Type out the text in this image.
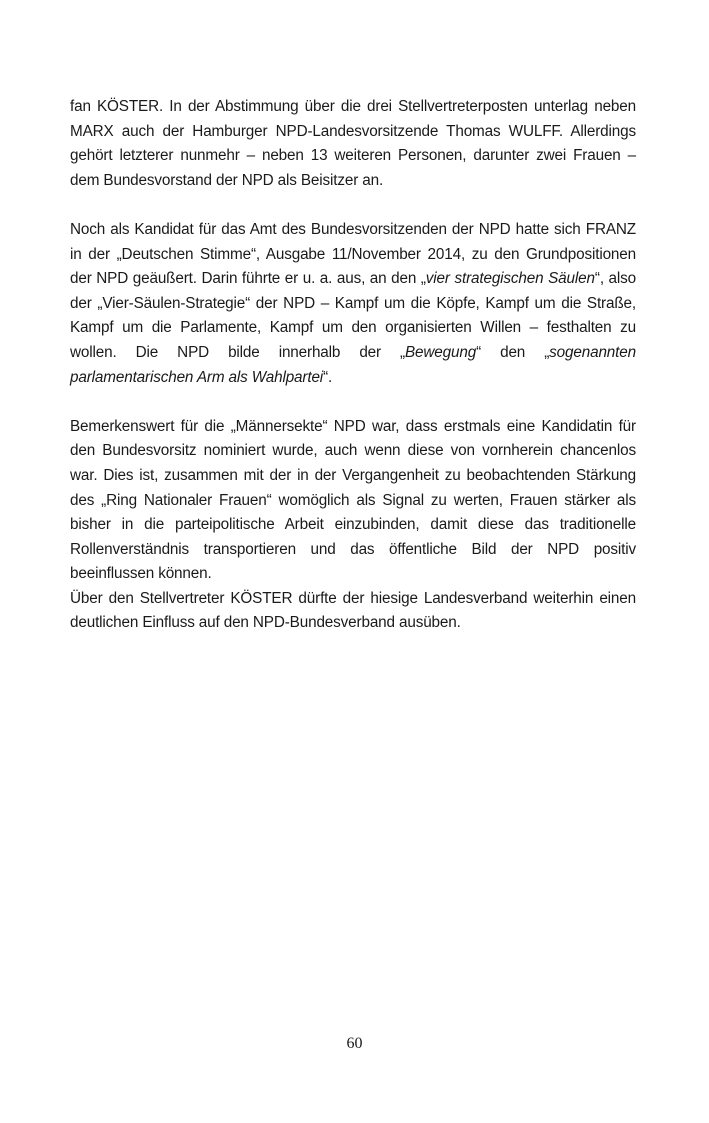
fan KÖSTER. In der Abstimmung über die drei Stellvertreterposten unterlag neben MARX auch der Hamburger NPD-Landesvorsitzende Thomas WULFF. Allerdings gehört letzterer nunmehr – neben 13 weiteren Personen, darunter zwei Frauen – dem Bundesvorstand der NPD als Beisitzer an.

Noch als Kandidat für das Amt des Bundesvorsitzenden der NPD hatte sich FRANZ in der „Deutschen Stimme“, Ausgabe 11/November 2014, zu den Grundpositionen der NPD geäußert. Darin führte er u. a. aus, an den „vier strategischen Säulen“, also der „Vier-Säulen-Strategie“ der NPD – Kampf um die Köpfe, Kampf um die Straße, Kampf um die Parlamente, Kampf um den organisierten Willen – festhalten zu wollen. Die NPD bilde innerhalb der „Bewegung“ den „sogenannten parlamentarischen Arm als Wahlpartei“.

Bemerkenswert für die „Männersekte“ NPD war, dass erstmals eine Kandidatin für den Bundesvorsitz nominiert wurde, auch wenn diese von vornherein chancenlos war. Dies ist, zusammen mit der in der Vergangenheit zu beobachtenden Stärkung des „Ring Nationaler Frauen“ womöglich als Signal zu werten, Frauen stärker als bisher in die parteipolitische Arbeit einzubinden, damit diese das traditionelle Rollenverständnis transportieren und das öffentliche Bild der NPD positiv beeinflussen können.

Über den Stellvertreter KÖSTER dürfte der hiesige Landesverband weiterhin einen deutlichen Einfluss auf den NPD-Bundesverband ausüben.

60
